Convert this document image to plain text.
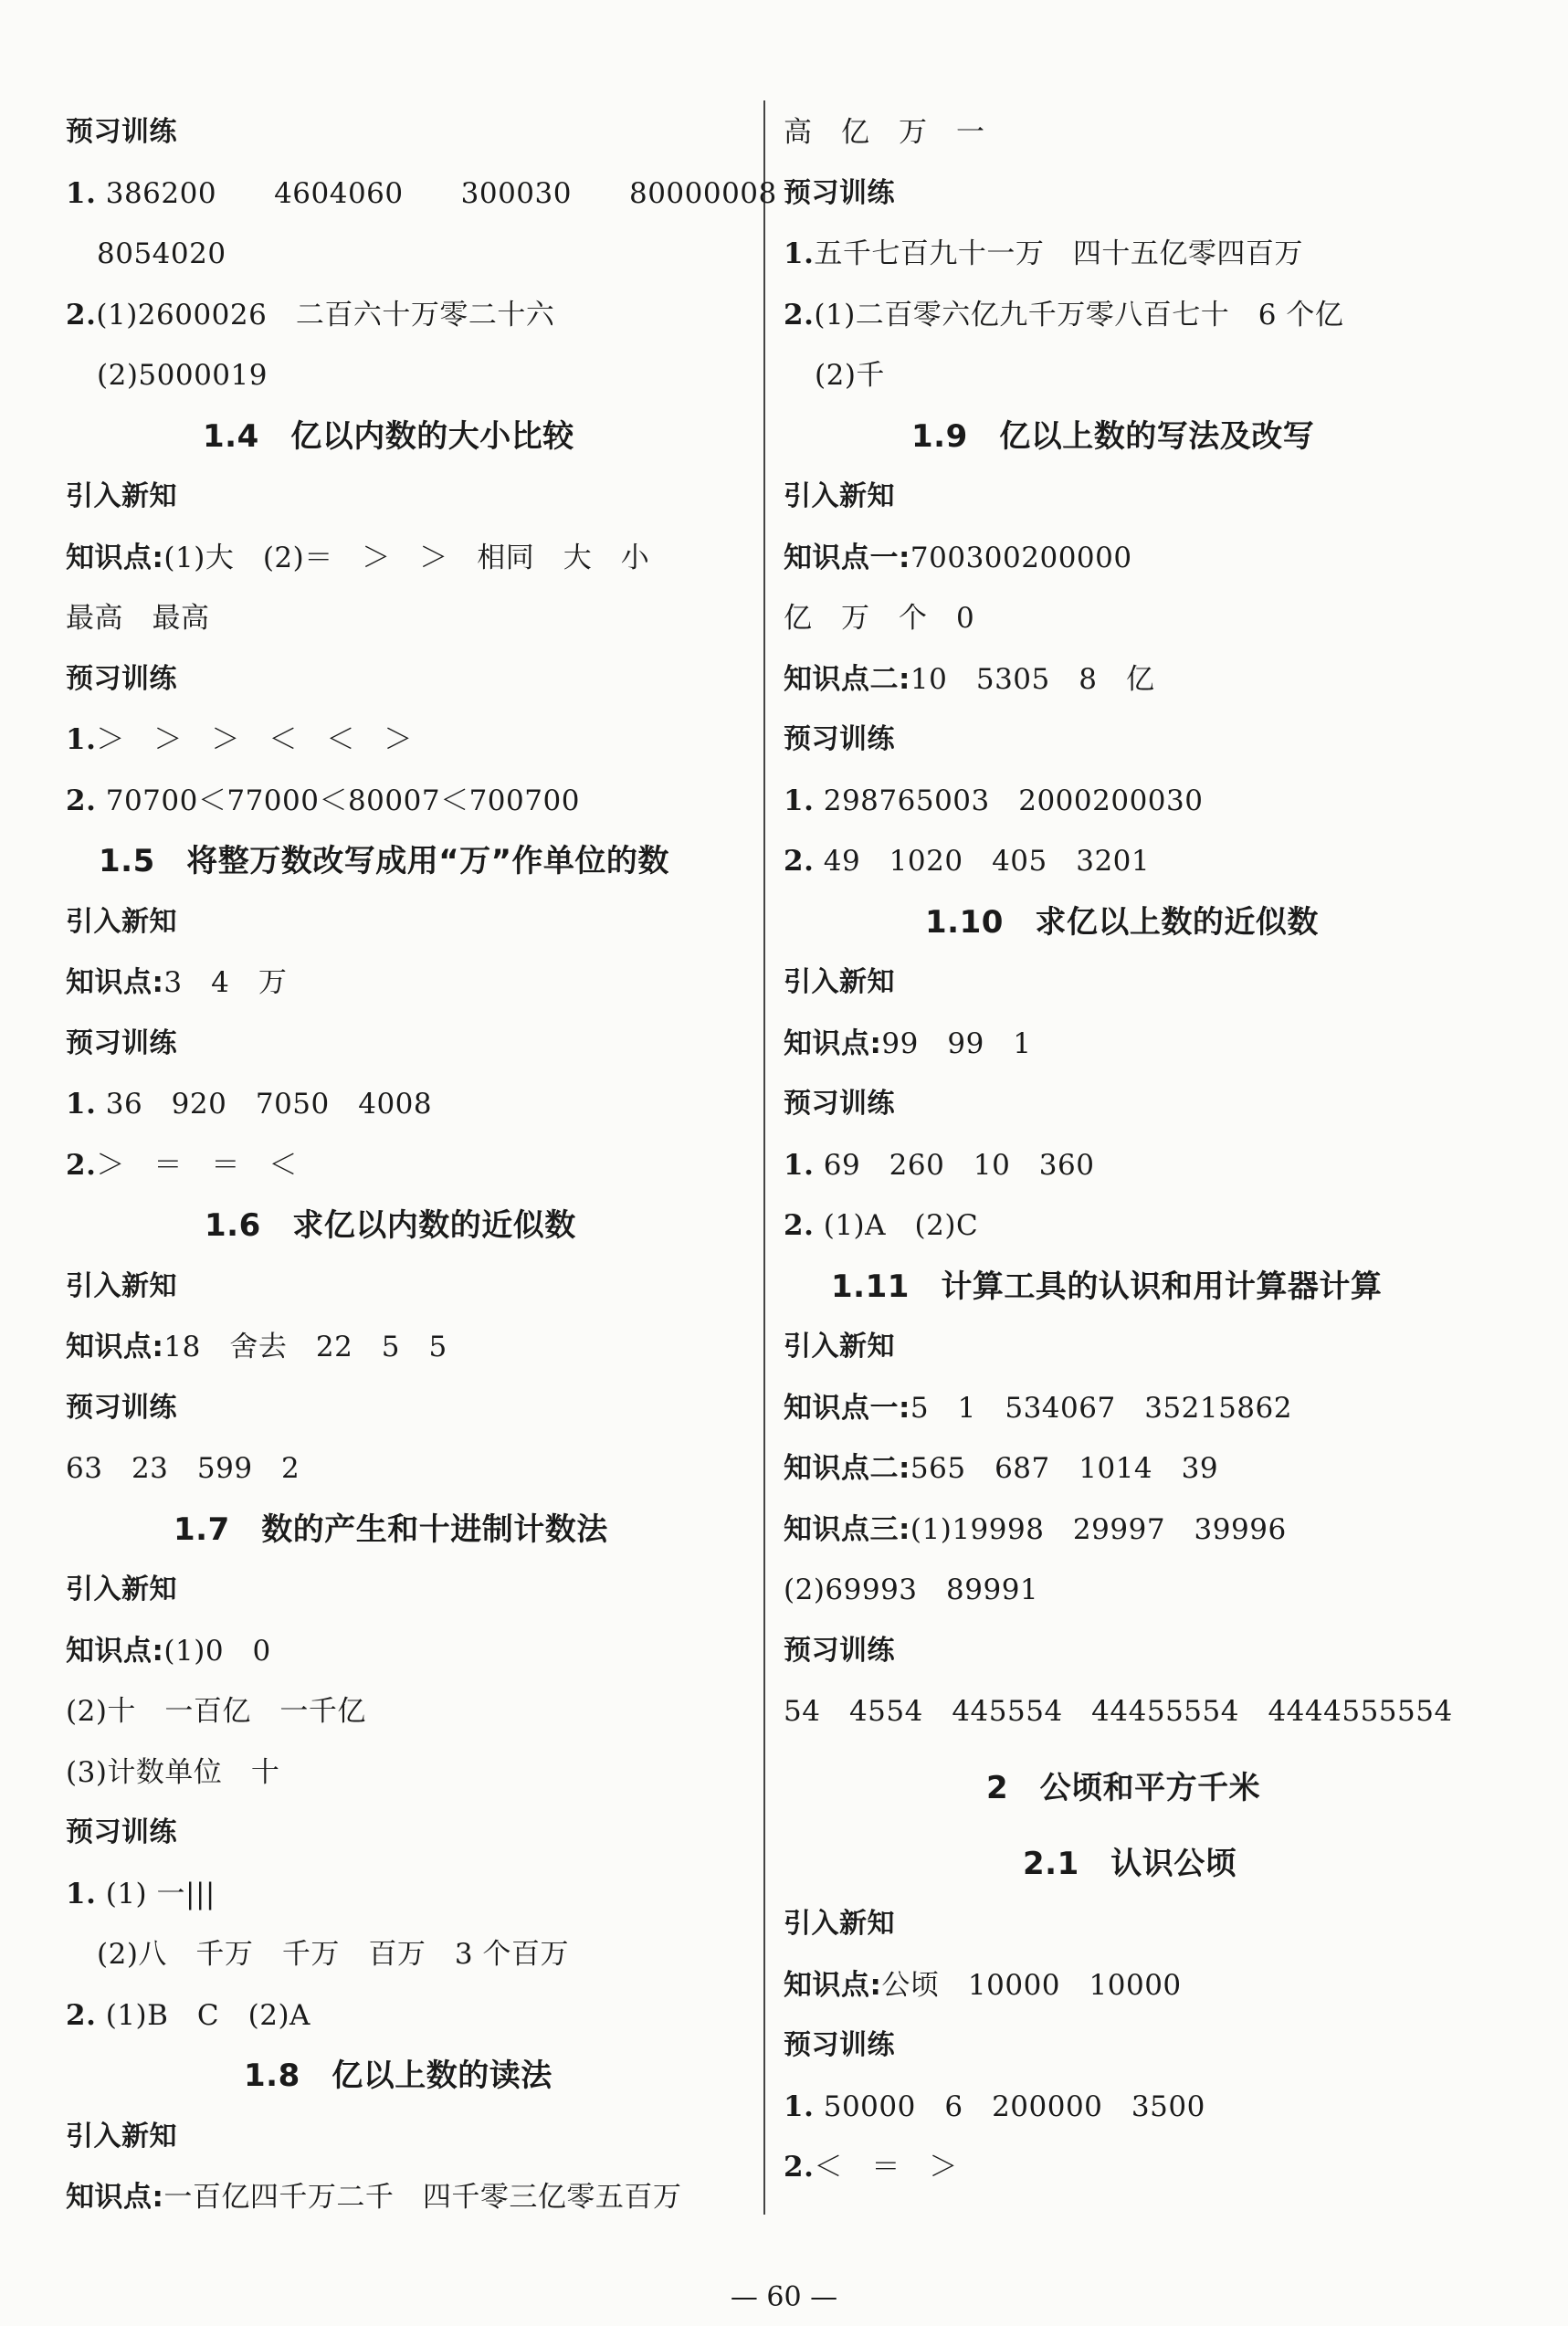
预习训练
1. 386200　　4604060　　300030　　80000008
8054020
2.(1)2600026　二百六十万零二十六
(2)5000019
1.4　亿以内数的大小比较
引入新知
知识点:(1)大　(2)＝　＞　＞　相同　大　小
最高　最高
预习训练
1.＞　＞　＞　＜　＜　＞
2. 70700＜77000＜80007＜700700
1.5　将整万数改写成用“万”作单位的数
引入新知
知识点:3　4　万
预习训练
1. 36　920　7050　4008
2.＞　＝　＝　＜
1.6　求亿以内数的近似数
引入新知
知识点:18　舍去　22　5　5
预习训练
63　23　599　2
1.7　数的产生和十进制计数法
引入新知
知识点:(1)0　0
(2)十　一百亿　一千亿
(3)计数单位　十
预习训练
1. (1) 一|||
(2)八　千万　千万　百万　3 个百万
2. (1)B　C　(2)A
1.8　亿以上数的读法
引入新知
知识点:一百亿四千万二千　四千零三亿零五百万
高　亿　万　一
预习训练
1.五千七百九十一万　四十五亿零四百万
2.(1)二百零六亿九千万零八百七十　6 个亿
(2)千
1.9　亿以上数的写法及改写
引入新知
知识点一:700300200000
亿　万　个　0
知识点二:10　5305　8　亿
预习训练
1. 298765003　2000200030
2. 49　1020　405　3201
1.10　求亿以上数的近似数
引入新知
知识点:99　99　1
预习训练
1. 69　260　10　360
2. (1)A　(2)C
1.11　计算工具的认识和用计算器计算
引入新知
知识点一:5　1　534067　35215862
知识点二:565　687　1014　39
知识点三:(1)19998　29997　39996
(2)69993　89991
预习训练
54　4554　445554　44455554　4444555554
2　公顷和平方千米
2.1　认识公顷
引入新知
知识点:公顷　10000　10000
预习训练
1. 50000　6　200000　3500
2.＜　＝　＞
— 60 —
